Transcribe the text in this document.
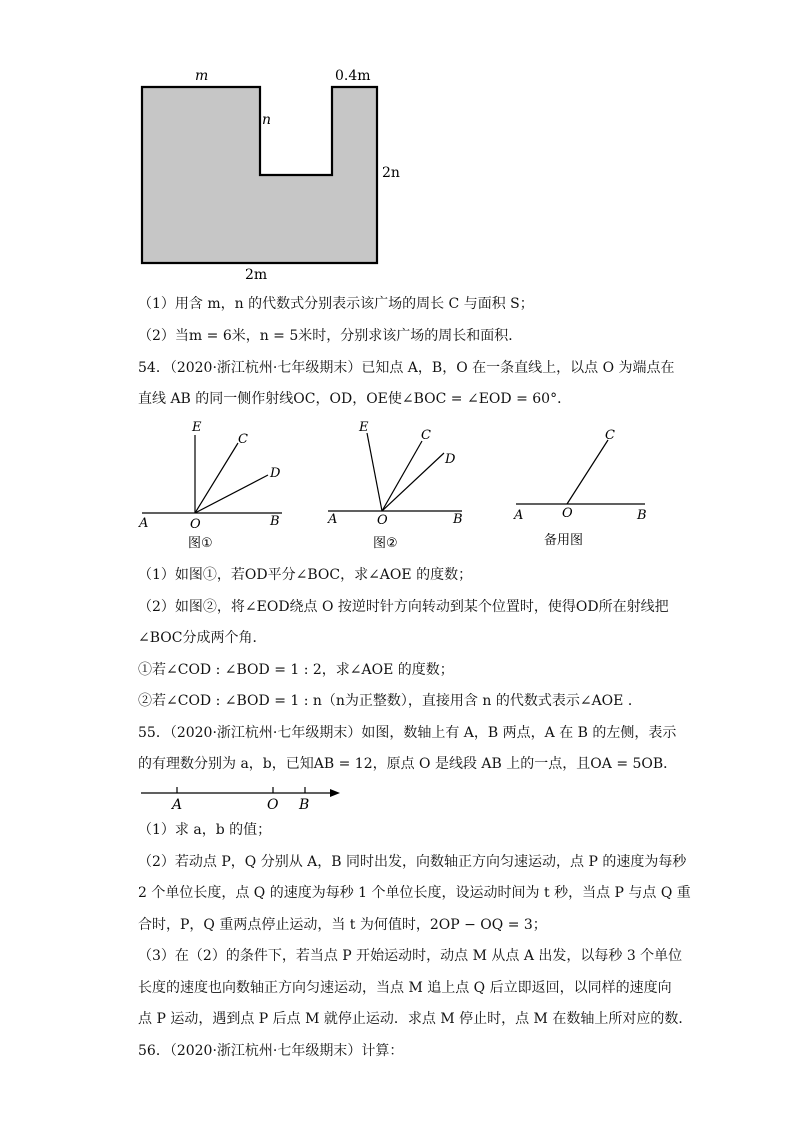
m	0.4m
n
2n
2m
（1）用含 m，n 的代数式分别表示该广场的周长 C 与面积 S；
（2）当m = 6米，n = 5米时，分别求该广场的周长和面积．
54．（2020·浙江杭州·七年级期末）已知点 A，B，O 在一条直线上，以点 O 为端点在
直线 AB 的同一侧作射线OC，OD，OE使∠BOC = ∠EOD = 60°．
E
C
D
A	O	B
图①
E
C
D
A	O	B
图②
C
A	O	B
备用图
（1）如图①，若OD平分∠BOC，求∠AOE 的度数；
（2）如图②，将∠EOD绕点 O 按逆时针方向转动到某个位置时，使得OD所在射线把
∠BOC分成两个角．
①若∠COD : ∠BOD = 1 : 2，求∠AOE 的度数；
②若∠COD : ∠BOD = 1 : n（n为正整数），直接用含 n 的代数式表示∠AOE ．
55．（2020·浙江杭州·七年级期末）如图，数轴上有 A，B 两点，A 在 B 的左侧，表示
的有理数分别为 a，b，已知AB = 12，原点 O 是线段 AB 上的一点，且OA = 5OB．
A	O B
（1）求 a，b 的值；
（2）若动点 P，Q 分别从 A，B 同时出发，向数轴正方向匀速运动，点 P 的速度为每秒
2 个单位长度，点 Q 的速度为每秒 1 个单位长度，设运动时间为 t 秒，当点 P 与点 Q 重
合时，P，Q 重两点停止运动，当 t 为何值时，2OP − OQ = 3；
（3）在（2）的条件下，若当点 P 开始运动时，动点 M 从点 A 出发，以每秒 3 个单位
长度的速度也向数轴正方向匀速运动，当点 M 追上点 Q 后立即返回，以同样的速度向
点 P 运动，遇到点 P 后点 M 就停止运动．求点 M 停止时，点 M 在数轴上所对应的数．
56．（2020·浙江杭州·七年级期末）计算：
